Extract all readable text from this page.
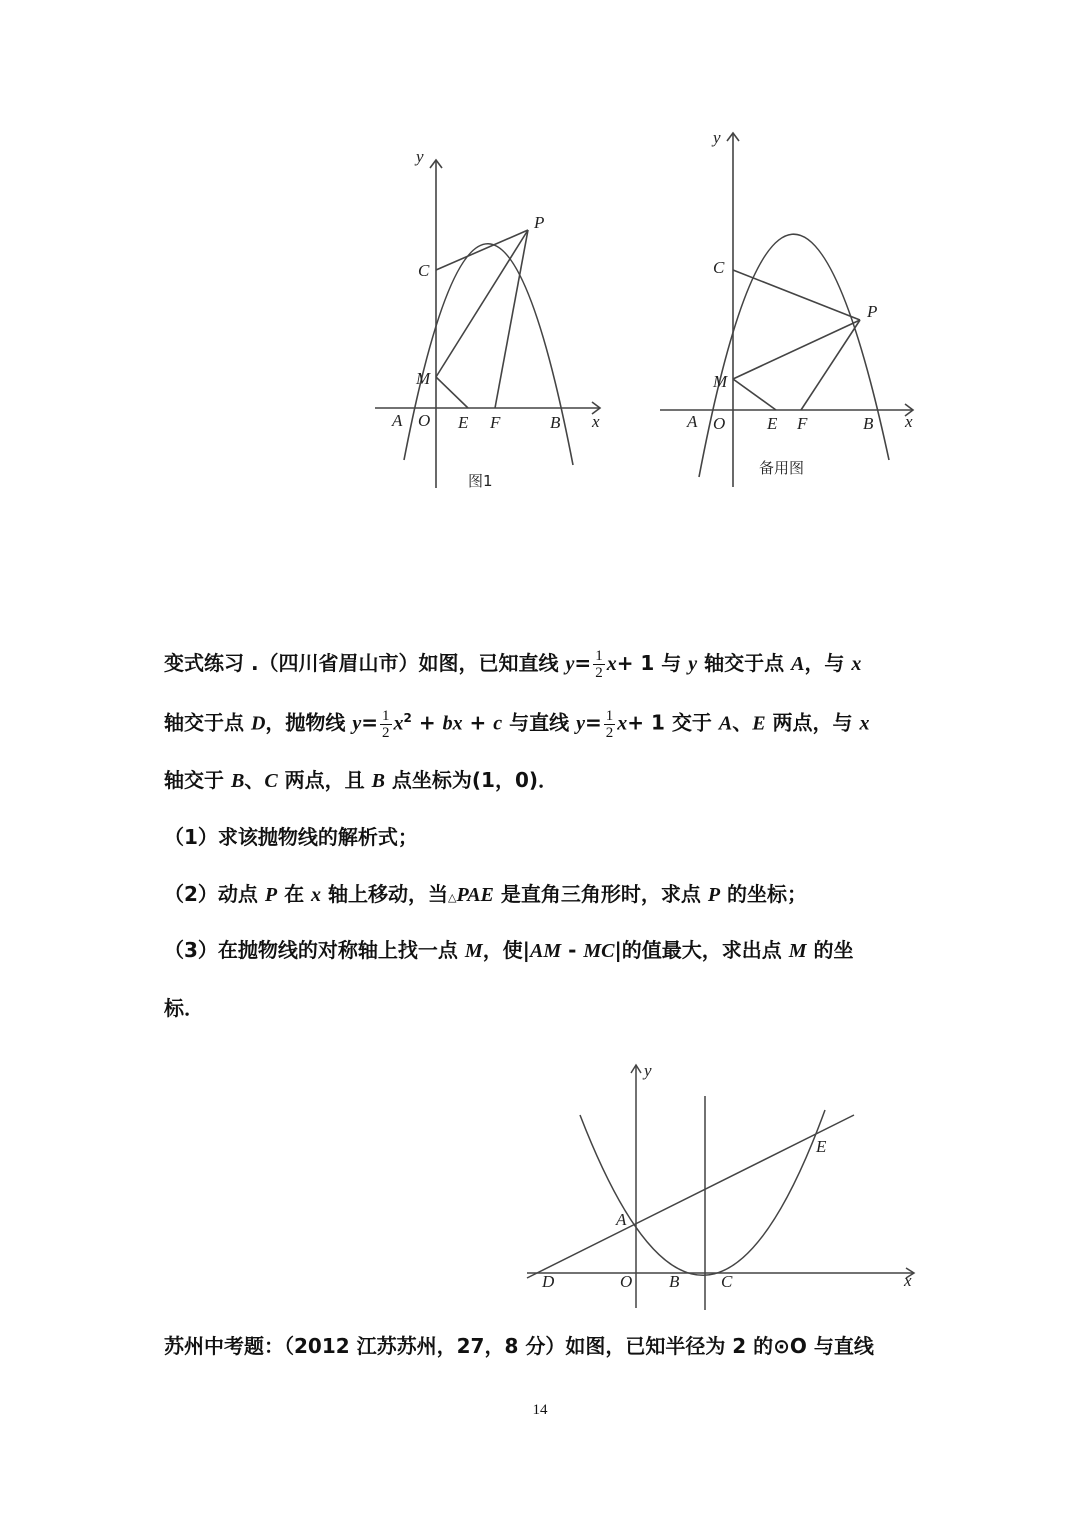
y
x
A O E F	B
C
M
P
图1
y
x
A O E F	B
C
M
P
备用图
变式练习 .（四川省眉山市）如图，已知直线 $y= \frac{1}{2} x+ 1$ 与 y 轴交于点 A，与 x
轴交于点 D，抛物线 $y= \frac{1}{2} x^2$ + bx + c 与直线 $y= \frac{1}{2} x+ 1$ 交于 A、E 两点，与 x
轴交于 B、C 两点，且 B 点坐标为(1，0)．
（1）求该抛物线的解析式；
（2）动点 P 在 x 轴上移动，当△PAE 是直角三角形时，求点 P 的坐标；
（3）在抛物线的对称轴上找一点 M，使|AM - MC|的值最大，求出点 M 的坐
标．
y
x
D	O B C
A
E
苏州中考题：（2012 江苏苏州，27，8 分）如图，已知半径为 2 的⊙O 与直线
14
